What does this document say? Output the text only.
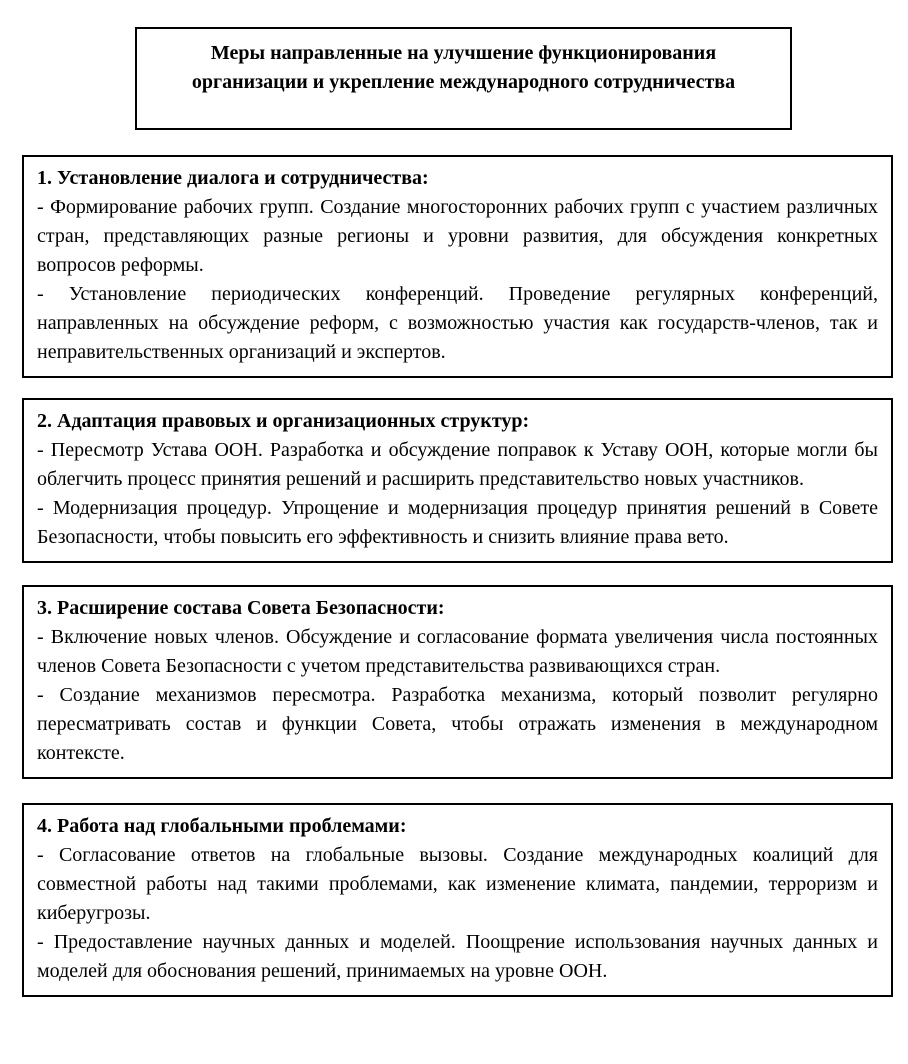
Меры направленные на улучшение функционирования организации и укрепление международного сотрудничества

1. Установление диалога и сотрудничества:

- Формирование рабочих групп. Создание многосторонних рабочих групп с участием различных стран, представляющих разные регионы и уровни развития, для обсуждения конкретных вопросов реформы.

- Установление периодических конференций. Проведение регулярных конференций, направленных на обсуждение реформ, с возможностью участия как государств-членов, так и неправительственных организаций и экспертов.

2. Адаптация правовых и организационных структур:

- Пересмотр Устава ООН. Разработка и обсуждение поправок к Уставу ООН, которые могли бы облегчить процесс принятия решений и расширить представительство новых участников.

- Модернизация процедур. Упрощение и модернизация процедур принятия решений в Совете Безопасности, чтобы повысить его эффективность и снизить влияние права вето.

3. Расширение состава Совета Безопасности:

- Включение новых членов. Обсуждение и согласование формата увеличения числа постоянных членов Совета Безопасности с учетом представительства развивающихся стран.

- Создание механизмов пересмотра. Разработка механизма, который позволит регулярно пересматривать состав и функции Совета, чтобы отражать изменения в международном контексте.

4. Работа над глобальными проблемами:

- Согласование ответов на глобальные вызовы. Создание международных коалиций для совместной работы над такими проблемами, как изменение климата, пандемии, терроризм и киберугрозы.

- Предоставление научных данных и моделей. Поощрение использования научных данных и моделей для обоснования решений, принимаемых на уровне ООН.
